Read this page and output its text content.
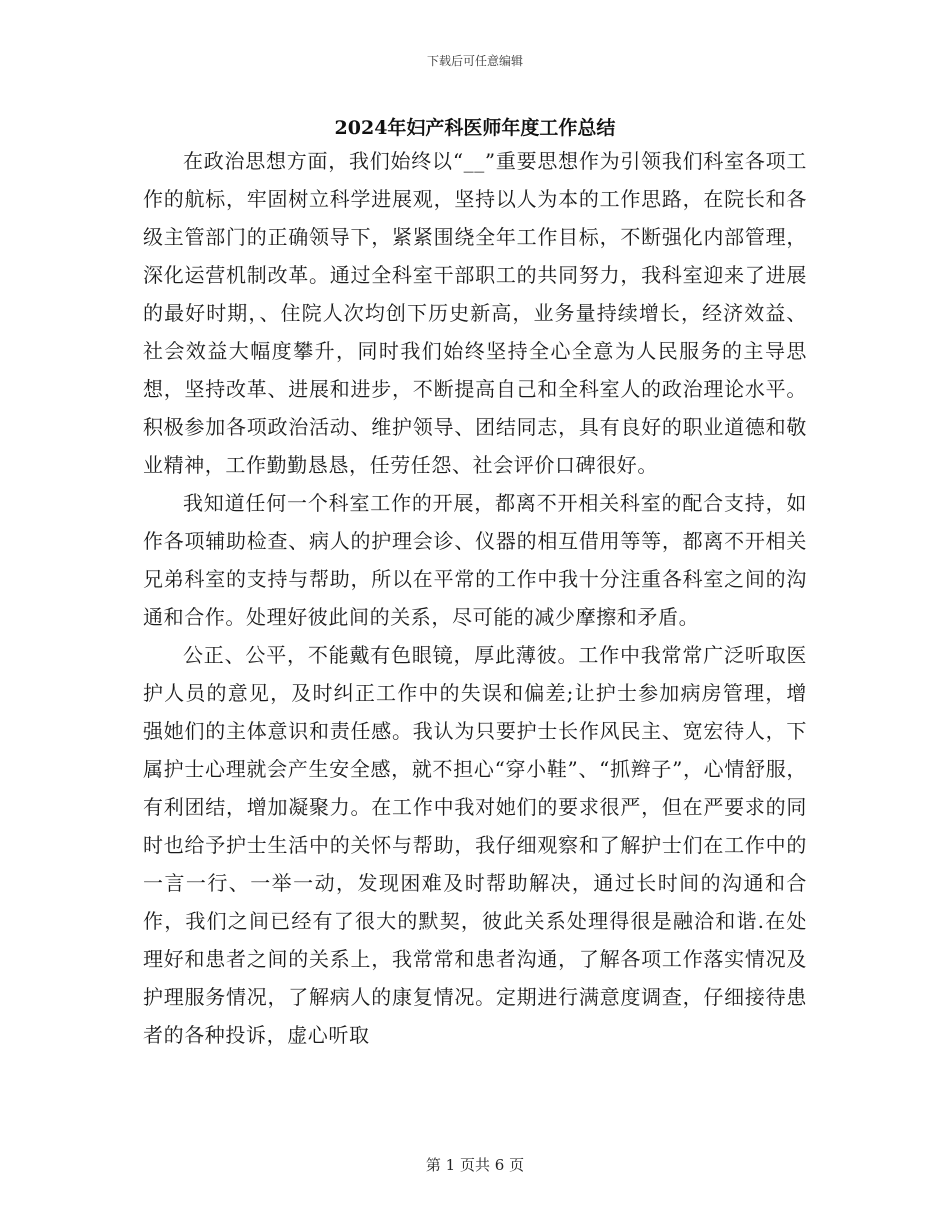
下载后可任意编辑
2024年妇产科医师年度工作总结

在政治思想方面，我们始终以“__”重要思想作为引领我们科室各项工作的航标，牢固树立科学进展观，坚持以人为本的工作思路，在院长和各级主管部门的正确领导下，紧紧围绕全年工作目标，不断强化内部管理，深化运营机制改革。通过全科室干部职工的共同努力，我科室迎来了进展的最好时期，、住院人次均创下历史新高，业务量持续增长，经济效益、社会效益大幅度攀升，同时我们始终坚持全心全意为人民服务的主导思想，坚持改革、进展和进步，不断提高自己和全科室人的政治理论水平。积极参加各项政治活动、维护领导、团结同志，具有良好的职业道德和敬业精神，工作勤勤恳恳，任劳任怨、社会评价口碑很好。

我知道任何一个科室工作的开展，都离不开相关科室的配合支持，如作各项辅助检查、病人的护理会诊、仪器的相互借用等等，都离不开相关兄弟科室的支持与帮助，所以在平常的工作中我十分注重各科室之间的沟通和合作。处理好彼此间的关系，尽可能的减少摩擦和矛盾。

公正、公平，不能戴有色眼镜，厚此薄彼。工作中我常常广泛听取医护人员的意见，及时纠正工作中的失误和偏差;让护士参加病房管理，增强她们的主体意识和责任感。我认为只要护士长作风民主、宽宏待人，下属护士心理就会产生安全感，就不担心“穿小鞋”、“抓辫子”，心情舒服，有利团结，增加凝聚力。在工作中我对她们的要求很严，但在严要求的同时也给予护士生活中的关怀与帮助，我仔细观察和了解护士们在工作中的一言一行、一举一动，发现困难及时帮助解决，通过长时间的沟通和合作，我们之间已经有了很大的默契，彼此关系处理得很是融洽和谐.在处理好和患者之间的关系上，我常常和患者沟通，了解各项工作落实情况及护理服务情况，了解病人的康复情况。定期进行满意度调查，仔细接待患者的各种投诉，虚心听取

第 1 页共 6 页
